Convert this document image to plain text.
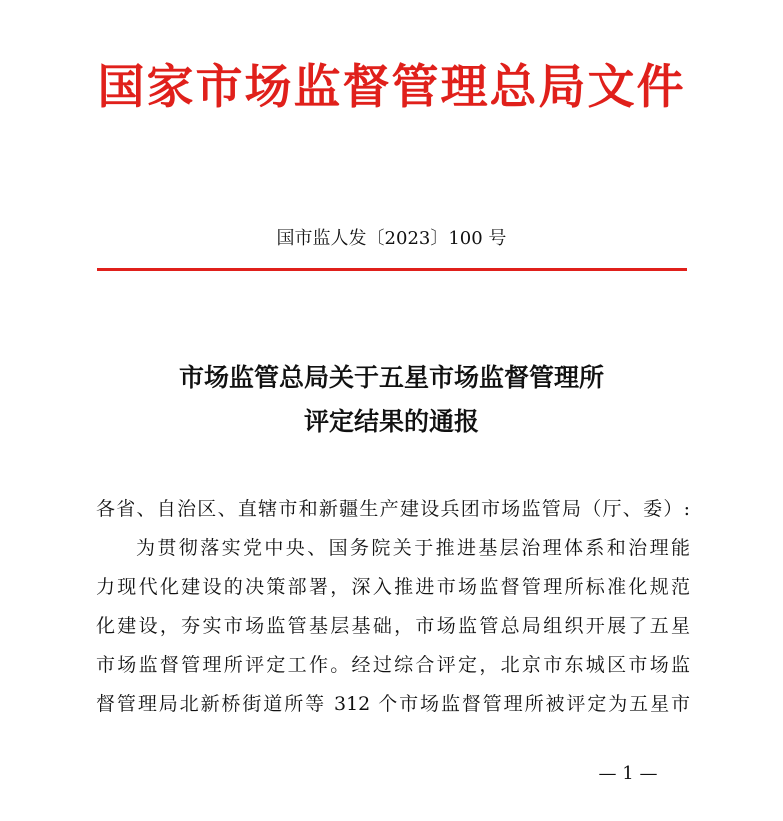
国家市场监督管理总局文件
国市监人发〔2023〕100 号
市场监管总局关于五星市场监督管理所
评定结果的通报
各省、自治区、直辖市和新疆生产建设兵团市场监管局（厅、委）:
为贯彻落实党中央、国务院关于推进基层治理体系和治理能
力现代化建设的决策部署，深入推进市场监督管理所标准化规范
化建设，夯实市场监管基层基础，市场监管总局组织开展了五星
市场监督管理所评定工作。经过综合评定，北京市东城区市场监
督管理局北新桥街道所等 312 个市场监督管理所被评定为五星市
— 1 —
